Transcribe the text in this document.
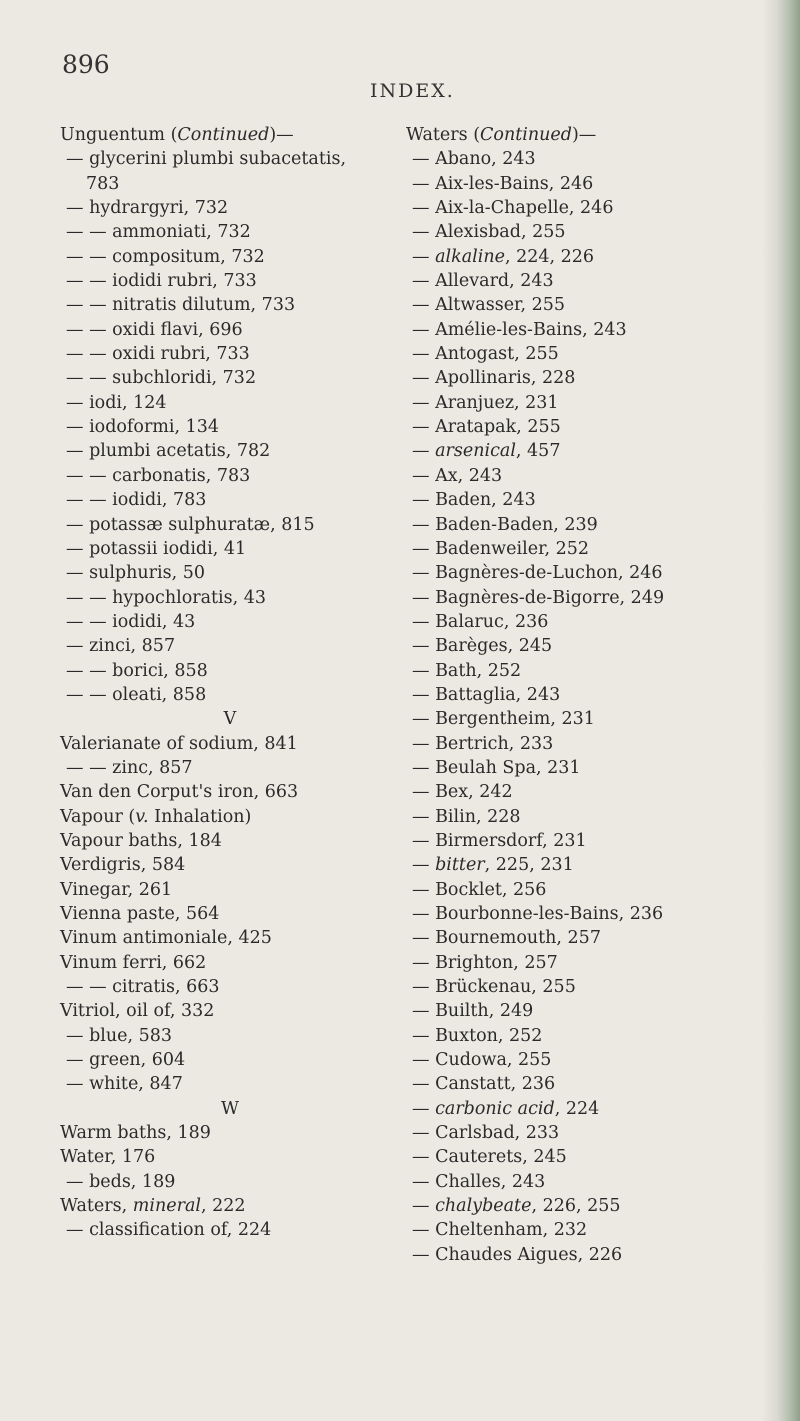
896
INDEX.
Unguentum (Continued)—
— glycerini plumbi subacetatis,
783
— hydrargyri, 732
— — ammoniati, 732
— — compositum, 732
— — iodidi rubri, 733
— — nitratis dilutum, 733
— — oxidi flavi, 696
— — oxidi rubri, 733
— — subchloridi, 732
— iodi, 124
— iodoformi, 134
— plumbi acetatis, 782
— — carbonatis, 783
— — iodidi, 783
— potassæ sulphuratæ, 815
— potassii iodidi, 41
— sulphuris, 50
— — hypochloratis, 43
— — iodidi, 43
— zinci, 857
— — borici, 858
— — oleati, 858
V
Valerianate of sodium, 841
— — zinc, 857
Van den Corput's iron, 663
Vapour (v. Inhalation)
Vapour baths, 184
Verdigris, 584
Vinegar, 261
Vienna paste, 564
Vinum antimoniale, 425
Vinum ferri, 662
— — citratis, 663
Vitriol, oil of, 332
— blue, 583
— green, 604
— white, 847
W
Warm baths, 189
Water, 176
— beds, 189
Waters, mineral, 222
— classification of, 224
Waters (Continued)—
— Abano, 243
— Aix-les-Bains, 246
— Aix-la-Chapelle, 246
— Alexisbad, 255
— alkaline, 224, 226
— Allevard, 243
— Altwasser, 255
— Amélie-les-Bains, 243
— Antogast, 255
— Apollinaris, 228
— Aranjuez, 231
— Aratapak, 255
— arsenical, 457
— Ax, 243
— Baden, 243
— Baden-Baden, 239
— Badenweiler, 252
— Bagnères-de-Luchon, 246
— Bagnères-de-Bigorre, 249
— Balaruc, 236
— Barèges, 245
— Bath, 252
— Battaglia, 243
— Bergentheim, 231
— Bertrich, 233
— Beulah Spa, 231
— Bex, 242
— Bilin, 228
— Birmersdorf, 231
— bitter, 225, 231
— Bocklet, 256
— Bourbonne-les-Bains, 236
— Bournemouth, 257
— Brighton, 257
— Brückenau, 255
— Builth, 249
— Buxton, 252
— Cudowa, 255
— Canstatt, 236
— carbonic acid, 224
— Carlsbad, 233
— Cauterets, 245
— Challes, 243
— chalybeate, 226, 255
— Cheltenham, 232
— Chaudes Aigues, 226
